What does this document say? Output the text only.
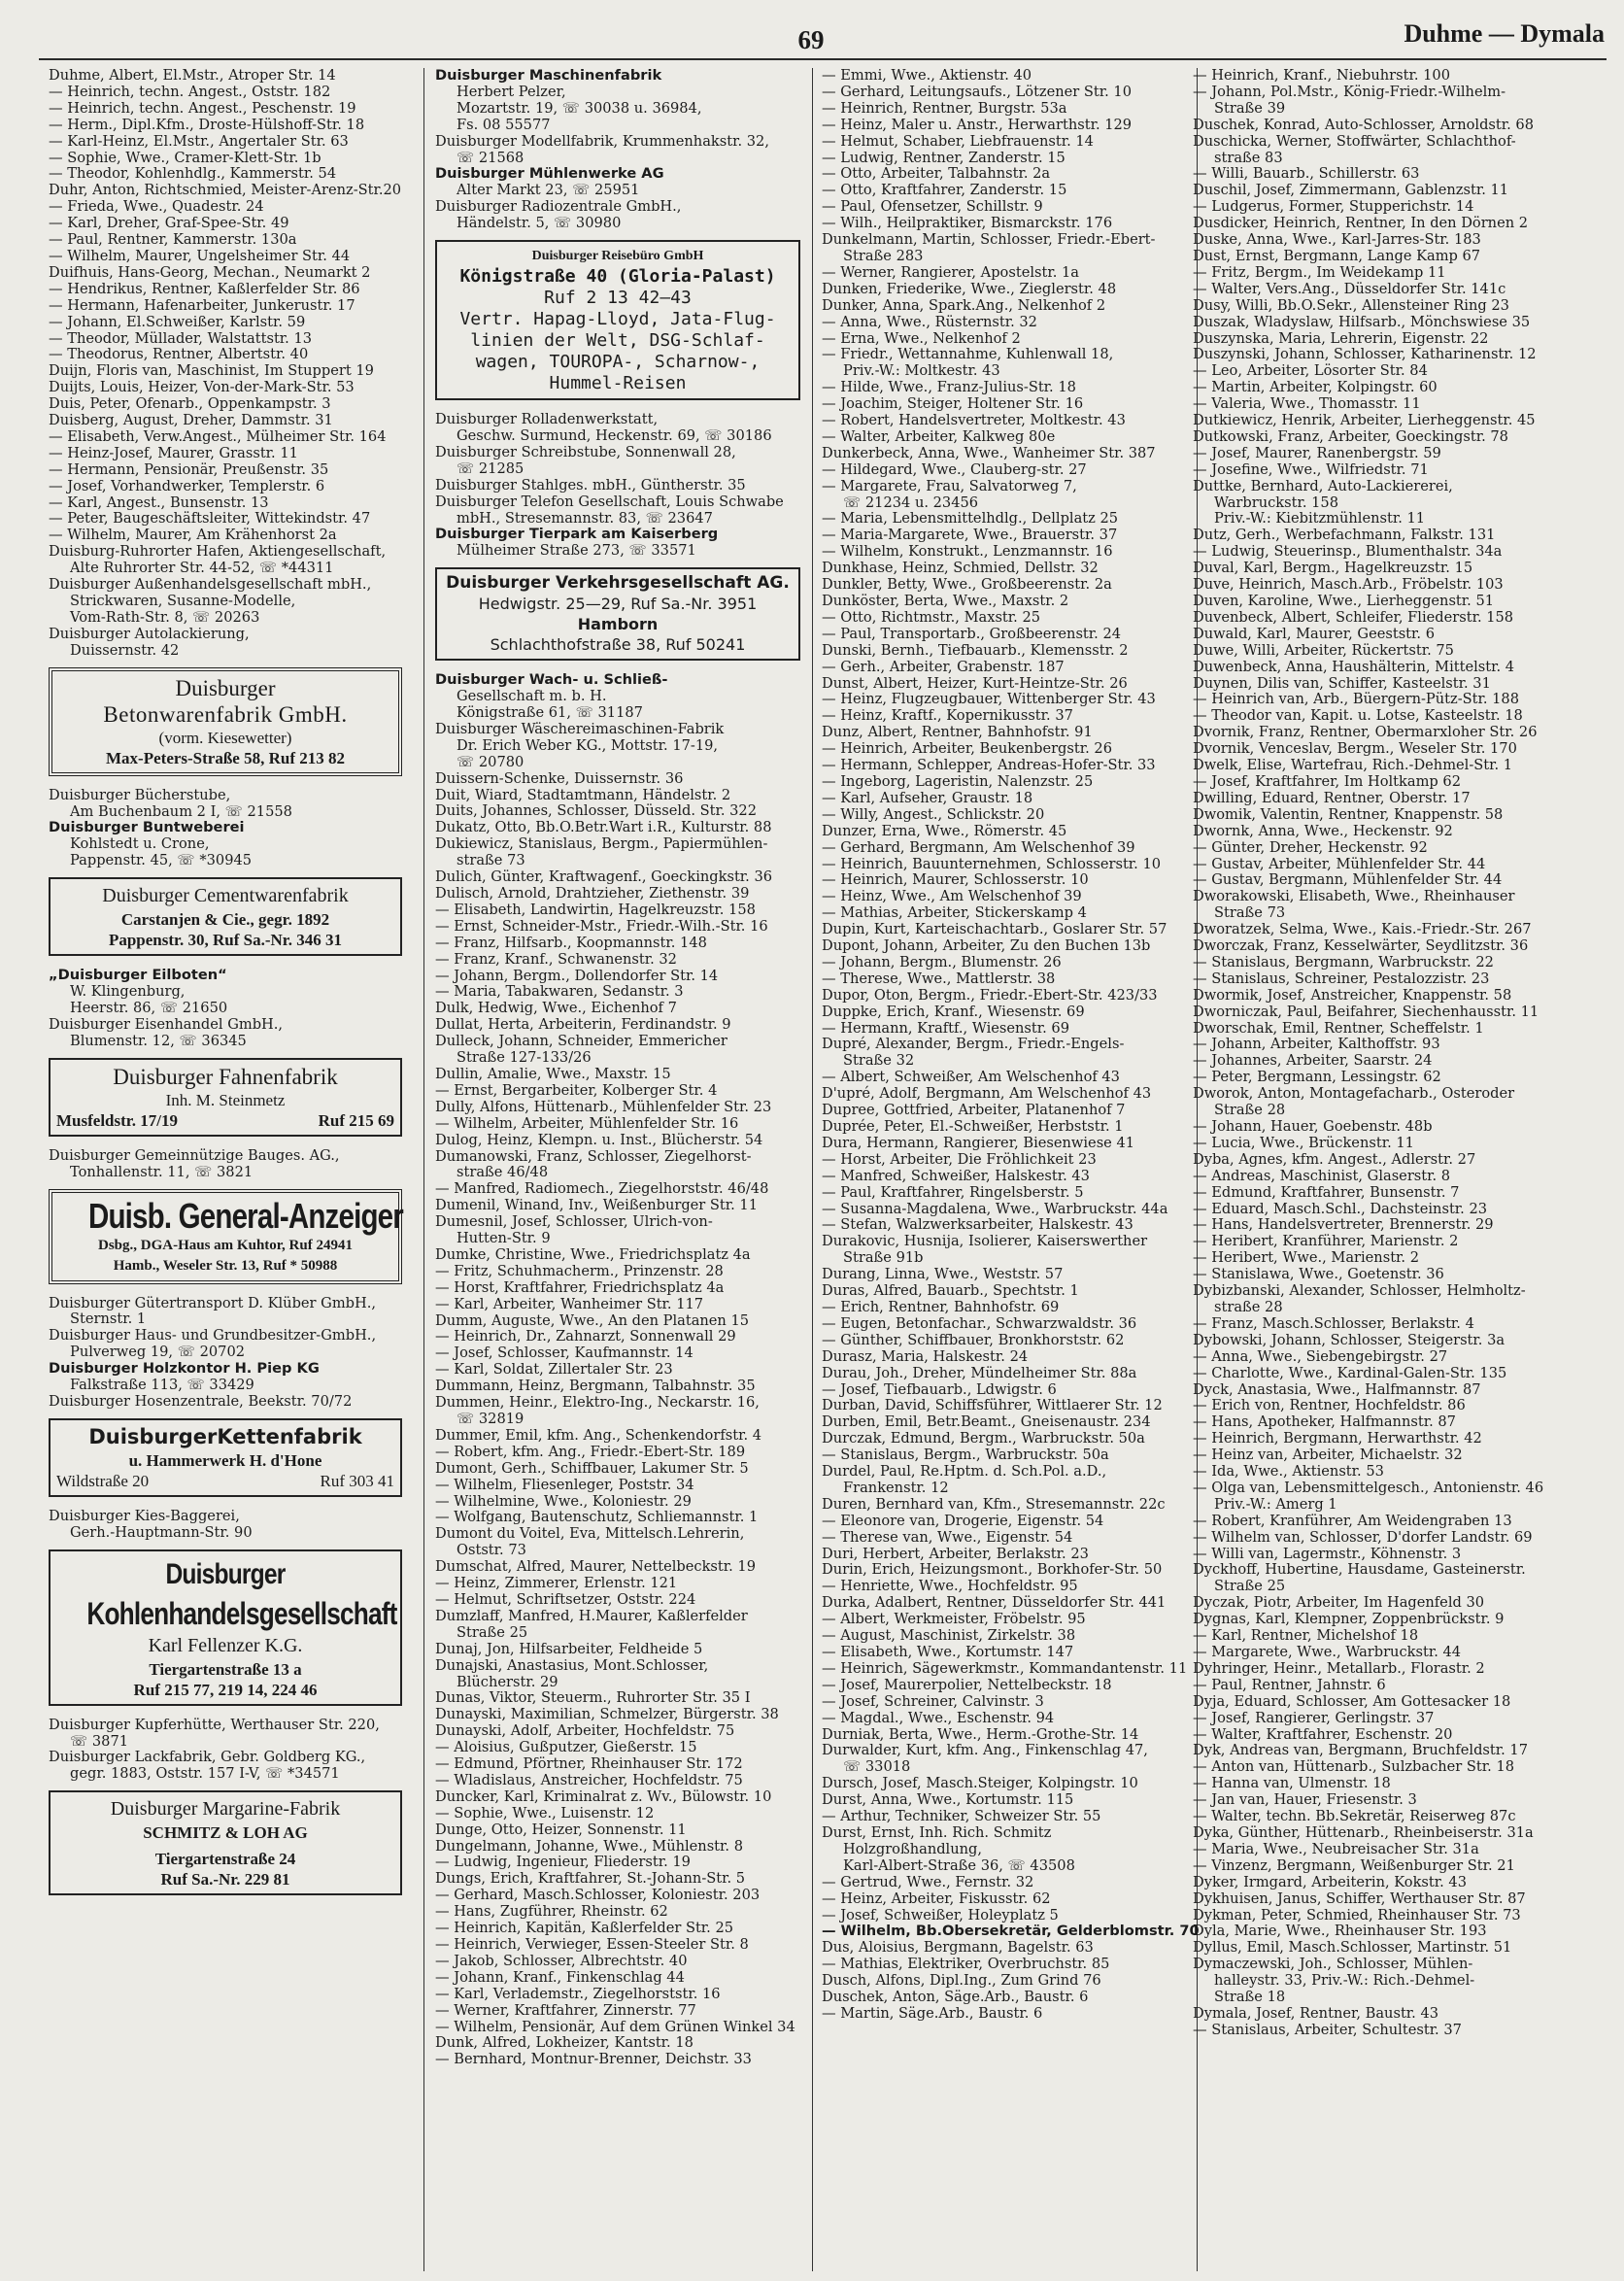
69	Duhme — Dymala
Duhme, Albert, El.Mstr., Atroper Str. 14
— Heinrich, techn. Angest., Oststr. 182
— Heinrich, techn. Angest., Peschenstr. 19
— Herm., Dipl.Kfm., Droste-Hülshoff-Str. 18
— Karl-Heinz, El.Mstr., Angertaler Str. 63
— Sophie, Wwe., Cramer-Klett-Str. 1b
— Theodor, Kohlenhdlg., Kammerstr. 54
Duhr, Anton, Richtschmied, Meister-Arenz-Str.20
— Frieda, Wwe., Quadestr. 24
— Karl, Dreher, Graf-Spee-Str. 49
— Paul, Rentner, Kammerstr. 130a
— Wilhelm, Maurer, Ungelsheimer Str. 44
Duifhuis, Hans-Georg, Mechan., Neumarkt 2
— Hendrikus, Rentner, Kaßlerfelder Str. 86
— Hermann, Hafenarbeiter, Junkerustr. 17
— Johann, El.Schweißer, Karlstr. 59
— Theodor, Müllader, Walstattstr. 13
— Theodorus, Rentner, Albertstr. 40
Duijn, Floris van, Maschinist, Im Stuppert 19
Duijts, Louis, Heizer, Von-der-Mark-Str. 53
Duis, Peter, Ofenarb., Oppenkampstr. 3
Duisberg, August, Dreher, Dammstr. 31
— Elisabeth, Verw.Angest., Mülheimer Str. 164
— Heinz-Josef, Maurer, Grasstr. 11
— Hermann, Pensionär, Preußenstr. 35
— Josef, Vorhandwerker, Templerstr. 6
— Karl, Angest., Bunsenstr. 13
— Peter, Baugeschäftsleiter, Wittekindstr. 47
— Wilhelm, Maurer, Am Krähenhorst 2a
Duisburg-Ruhrorter Hafen, Aktiengesellschaft,
Alte Ruhrorter Str. 44-52, ☏ *44311
Duisburger Außenhandelsgesellschaft mbH.,
Strickwaren, Susanne-Modelle,
Vom-Rath-Str. 8, ☏ 20263
Duisburger Autolackierung,
Duissernstr. 42
Duisburger
Betonwarenfabrik GmbH.
(vorm. Kiesewetter)
Max-Peters-Straße 58, Ruf 213 82
Duisburger Bücherstube,
Am Buchenbaum 2 I, ☏ 21558
Duisburger Buntweberei
Kohlstedt u. Crone,
Pappenstr. 45, ☏ *30945
Duisburger Cementwarenfabrik
Carstanjen & Cie., gegr. 1892
Pappenstr. 30, Ruf Sa.-Nr. 346 31
„Duisburger Eilboten“
W. Klingenburg,
Heerstr. 86, ☏ 21650
Duisburger Eisenhandel GmbH.,
Blumenstr. 12, ☏ 36345
Duisburger Fahnenfabrik
Inh. M. Steinmetz
Musfeldstr. 17/19	Ruf 215 69
Duisburger Gemeinnützige Bauges. AG.,
Tonhallenstr. 11, ☏ 3821
Duisb. General-Anzeiger
Dsbg., DGA-Haus am Kuhtor, Ruf 24941
Hamb., Weseler Str. 13, Ruf * 50988
Duisburger Gütertransport D. Klüber GmbH.,
Sternstr. 1
Duisburger Haus- und Grundbesitzer-GmbH.,
Pulverweg 19, ☏ 20702
Duisburger Holzkontor H. Piep KG
Falkstraße 113, ☏ 33429
Duisburger Hosenzentrale, Beekstr. 70/72
DuisburgerKettenfabrik
u. Hammerwerk H. d'Hone
Wildstraße 20	Ruf 303 41
Duisburger Kies-Baggerei,
Gerh.-Hauptmann-Str. 90
Duisburger
Kohlenhandelsgesellschaft
Karl Fellenzer K.G.
Tiergartenstraße 13 a
Ruf 215 77, 219 14, 224 46
Duisburger Kupferhütte, Werthauser Str. 220,
☏ 3871
Duisburger Lackfabrik, Gebr. Goldberg KG.,
gegr. 1883, Oststr. 157 I-V, ☏ *34571
Duisburger Margarine-Fabrik
SCHMITZ & LOH AG
Tiergartenstraße 24
Ruf Sa.-Nr. 229 81
Duisburger Maschinenfabrik
Herbert Pelzer,
Mozartstr. 19, ☏ 30038 u. 36984,
Fs. 08 55577
Duisburger Modellfabrik, Krummenhakstr. 32,
☏ 21568
Duisburger Mühlenwerke AG
Alter Markt 23, ☏ 25951
Duisburger Radiozentrale GmbH.,
Händelstr. 5, ☏ 30980
Duisburger Reisebüro GmbH
Königstraße 40 (Gloria-Palast)
Ruf 2 13 42—43
Vertr. Hapag-Lloyd, Jata-Flug-
linien der Welt, DSG-Schlaf-
wagen, TOUROPA-, Scharnow-,
Hummel-Reisen
Duisburger Rolladenwerkstatt,
Geschw. Surmund, Heckenstr. 69, ☏ 30186
Duisburger Schreibstube, Sonnenwall 28,
☏ 21285
Duisburger Stahlges. mbH., Güntherstr. 35
Duisburger Telefon Gesellschaft, Louis Schwabe
mbH., Stresemannstr. 83, ☏ 23647
Duisburger Tierpark am Kaiserberg
Mülheimer Straße 273, ☏ 33571
Duisburger Verkehrsgesellschaft AG.
Hedwigstr. 25—29, Ruf Sa.-Nr. 3951
Hamborn
Schlachthofstraße 38, Ruf 50241
Duisburger Wach- u. Schließ-
Gesellschaft m. b. H.
Königstraße 61, ☏ 31187
Duisburger Wäschereimaschinen-Fabrik
Dr. Erich Weber KG., Mottstr. 17-19,
☏ 20780
Duissern-Schenke, Duissernstr. 36
Duit, Wiard, Stadtamtmann, Händelstr. 2
Duits, Johannes, Schlosser, Düsseld. Str. 322
Dukatz, Otto, Bb.O.Betr.Wart i.R., Kulturstr. 88
Dukiewicz, Stanislaus, Bergm., Papiermühlen-
straße 73
Dulich, Günter, Kraftwagenf., Goeckingkstr. 36
Dulisch, Arnold, Drahtzieher, Ziethenstr. 39
— Elisabeth, Landwirtin, Hagelkreuzstr. 158
— Ernst, Schneider-Mstr., Friedr.-Wilh.-Str. 16
— Franz, Hilfsarb., Koopmannstr. 148
— Franz, Kranf., Schwanenstr. 32
— Johann, Bergm., Dollendorfer Str. 14
— Maria, Tabakwaren, Sedanstr. 3
Dulk, Hedwig, Wwe., Eichenhof 7
Dullat, Herta, Arbeiterin, Ferdinandstr. 9
Dulleck, Johann, Schneider, Emmericher
Straße 127-133/26
Dullin, Amalie, Wwe., Maxstr. 15
— Ernst, Bergarbeiter, Kolberger Str. 4
Dully, Alfons, Hüttenarb., Mühlenfelder Str. 23
— Wilhelm, Arbeiter, Mühlenfelder Str. 16
Dulog, Heinz, Klempn. u. Inst., Blücherstr. 54
Dumanowski, Franz, Schlosser, Ziegelhorst-
straße 46/48
— Manfred, Radiomech., Ziegelhorststr. 46/48
Dumenil, Winand, Inv., Weißenburger Str. 11
Dumesnil, Josef, Schlosser, Ulrich-von-
Hutten-Str. 9
Dumke, Christine, Wwe., Friedrichsplatz 4a
— Fritz, Schuhmacherm., Prinzenstr. 28
— Horst, Kraftfahrer, Friedrichsplatz 4a
— Karl, Arbeiter, Wanheimer Str. 117
Dumm, Auguste, Wwe., An den Platanen 15
— Heinrich, Dr., Zahnarzt, Sonnenwall 29
— Josef, Schlosser, Kaufmannstr. 14
— Karl, Soldat, Zillertaler Str. 23
Dummann, Heinz, Bergmann, Talbahnstr. 35
Dummen, Heinr., Elektro-Ing., Neckarstr. 16,
☏ 32819
Dummer, Emil, kfm. Ang., Schenkendorfstr. 4
— Robert, kfm. Ang., Friedr.-Ebert-Str. 189
Dumont, Gerh., Schiffbauer, Lakumer Str. 5
— Wilhelm, Fliesenleger, Poststr. 34
— Wilhelmine, Wwe., Koloniestr. 29
— Wolfgang, Bautenschutz, Schliemannstr. 1
Dumont du Voitel, Eva, Mittelsch.Lehrerin,
Oststr. 73
Dumschat, Alfred, Maurer, Nettelbeckstr. 19
— Heinz, Zimmerer, Erlenstr. 121
— Helmut, Schriftsetzer, Oststr. 224
Dumzlaff, Manfred, H.Maurer, Kaßlerfelder
Straße 25
Dunaj, Jon, Hilfsarbeiter, Feldheide 5
Dunajski, Anastasius, Mont.Schlosser,
Blücherstr. 29
Dunas, Viktor, Steuerm., Ruhrorter Str. 35 I
Dunayski, Maximilian, Schmelzer, Bürgerstr. 38
Dunayski, Adolf, Arbeiter, Hochfeldstr. 75
— Aloisius, Gußputzer, Gießerstr. 15
— Edmund, Pförtner, Rheinhauser Str. 172
— Wladislaus, Anstreicher, Hochfeldstr. 75
Duncker, Karl, Kriminalrat z. Wv., Bülowstr. 10
— Sophie, Wwe., Luisenstr. 12
Dunge, Otto, Heizer, Sonnenstr. 11
Dungelmann, Johanne, Wwe., Mühlenstr. 8
— Ludwig, Ingenieur, Fliederstr. 19
Dungs, Erich, Kraftfahrer, St.-Johann-Str. 5
— Gerhard, Masch.Schlosser, Koloniestr. 203
— Hans, Zugführer, Rheinstr. 62
— Heinrich, Kapitän, Kaßlerfelder Str. 25
— Heinrich, Verwieger, Essen-Steeler Str. 8
— Jakob, Schlosser, Albrechtstr. 40
— Johann, Kranf., Finkenschlag 44
— Karl, Verlademstr., Ziegelhorststr. 16
— Werner, Kraftfahrer, Zinnerstr. 77
— Wilhelm, Pensionär, Auf dem Grünen Winkel 34
Dunk, Alfred, Lokheizer, Kantstr. 18
— Bernhard, Montnur-Brenner, Deichstr. 33
— Emmi, Wwe., Aktienstr. 40
— Gerhard, Leitungsaufs., Lötzener Str. 10
— Heinrich, Rentner, Burgstr. 53a
— Heinz, Maler u. Anstr., Herwarthstr. 129
— Helmut, Schaber, Liebfrauenstr. 14
— Ludwig, Rentner, Zanderstr. 15
— Otto, Arbeiter, Talbahnstr. 2a
— Otto, Kraftfahrer, Zanderstr. 15
— Paul, Ofensetzer, Schillstr. 9
— Wilh., Heilpraktiker, Bismarckstr. 176
Dunkelmann, Martin, Schlosser, Friedr.-Ebert-
Straße 283
— Werner, Rangierer, Apostelstr. 1a
Dunken, Friederike, Wwe., Zieglerstr. 48
Dunker, Anna, Spark.Ang., Nelkenhof 2
— Anna, Wwe., Rüsternstr. 32
— Erna, Wwe., Nelkenhof 2
— Friedr., Wettannahme, Kuhlenwall 18,
Priv.-W.: Moltkestr. 43
— Hilde, Wwe., Franz-Julius-Str. 18
— Joachim, Steiger, Holtener Str. 16
— Robert, Handelsvertreter, Moltkestr. 43
— Walter, Arbeiter, Kalkweg 80e
Dunkerbeck, Anna, Wwe., Wanheimer Str. 387
— Hildegard, Wwe., Clauberg-str. 27
— Margarete, Frau, Salvatorweg 7,
☏ 21234 u. 23456
— Maria, Lebensmittelhdlg., Dellplatz 25
— Maria-Margarete, Wwe., Brauerstr. 37
— Wilhelm, Konstrukt., Lenzmannstr. 16
Dunkhase, Heinz, Schmied, Dellstr. 32
Dunkler, Betty, Wwe., Großbeerenstr. 2a
Dunköster, Berta, Wwe., Maxstr. 2
— Otto, Richtmstr., Maxstr. 25
— Paul, Transportarb., Großbeerenstr. 24
Dunski, Bernh., Tiefbauarb., Klemensstr. 2
— Gerh., Arbeiter, Grabenstr. 187
Dunst, Albert, Heizer, Kurt-Heintze-Str. 26
— Heinz, Flugzeugbauer, Wittenberger Str. 43
— Heinz, Kraftf., Kopernikusstr. 37
Dunz, Albert, Rentner, Bahnhofstr. 91
— Heinrich, Arbeiter, Beukenbergstr. 26
— Hermann, Schlepper, Andreas-Hofer-Str. 33
— Ingeborg, Lageristin, Nalenzstr. 25
— Karl, Aufseher, Graustr. 18
— Willy, Angest., Schlickstr. 20
Dunzer, Erna, Wwe., Römerstr. 45
— Gerhard, Bergmann, Am Welschenhof 39
— Heinrich, Bauunternehmen, Schlosserstr. 10
— Heinrich, Maurer, Schlosserstr. 10
— Heinz, Wwe., Am Welschenhof 39
— Mathias, Arbeiter, Stickerskamp 4
Dupin, Kurt, Karteischachtarb., Goslarer Str. 57
Dupont, Johann, Arbeiter, Zu den Buchen 13b
— Johann, Bergm., Blumenstr. 26
— Therese, Wwe., Mattlerstr. 38
Dupor, Oton, Bergm., Friedr.-Ebert-Str. 423/33
Duppke, Erich, Kranf., Wiesenstr. 69
— Hermann, Kraftf., Wiesenstr. 69
Dupré, Alexander, Bergm., Friedr.-Engels-
Straße 32
— Albert, Schweißer, Am Welschenhof 43
D'upré, Adolf, Bergmann, Am Welschenhof 43
Dupree, Gottfried, Arbeiter, Platanenhof 7
Duprée, Peter, El.-Schweißer, Herbststr. 1
Dura, Hermann, Rangierer, Biesenwiese 41
— Horst, Arbeiter, Die Fröhlichkeit 23
— Manfred, Schweißer, Halskestr. 43
— Paul, Kraftfahrer, Ringelsberstr. 5
— Susanna-Magdalena, Wwe., Warbruckstr. 44a
— Stefan, Walzwerksarbeiter, Halskestr. 43
Durakovic, Husnija, Isolierer, Kaiserswerther
Straße 91b
Durang, Linna, Wwe., Weststr. 57
Duras, Alfred, Bauarb., Spechtstr. 1
— Erich, Rentner, Bahnhofstr. 69
— Eugen, Betonfachar., Schwarzwaldstr. 36
— Günther, Schiffbauer, Bronkhorststr. 62
Durasz, Maria, Halskestr. 24
Durau, Joh., Dreher, Mündelheimer Str. 88a
— Josef, Tiefbauarb., Ldwigstr. 6
Durban, David, Schiffsführer, Wittlaerer Str. 12
Durben, Emil, Betr.Beamt., Gneisenaustr. 234
Durczak, Edmund, Bergm., Warbruckstr. 50a
— Stanislaus, Bergm., Warbruckstr. 50a
Durdel, Paul, Re.Hptm. d. Sch.Pol. a.D.,
Frankenstr. 12
Duren, Bernhard van, Kfm., Stresemannstr. 22c
— Eleonore van, Drogerie, Eigenstr. 54
— Therese van, Wwe., Eigenstr. 54
Duri, Herbert, Arbeiter, Berlakstr. 23
Durin, Erich, Heizungsmont., Borkhofer-Str. 50
— Henriette, Wwe., Hochfeldstr. 95
Durka, Adalbert, Rentner, Düsseldorfer Str. 441
— Albert, Werkmeister, Fröbelstr. 95
— August, Maschinist, Zirkelstr. 38
— Elisabeth, Wwe., Kortumstr. 147
— Heinrich, Sägewerkmstr., Kommandantenstr. 11
— Josef, Maurerpolier, Nettelbeckstr. 18
— Josef, Schreiner, Calvinstr. 3
— Magdal., Wwe., Eschenstr. 94
Durniak, Berta, Wwe., Herm.-Grothe-Str. 14
Durwalder, Kurt, kfm. Ang., Finkenschlag 47,
☏ 33018
Dursch, Josef, Masch.Steiger, Kolpingstr. 10
Durst, Anna, Wwe., Kortumstr. 115
— Arthur, Techniker, Schweizer Str. 55
Durst, Ernst, Inh. Rich. Schmitz
Holzgroßhandlung,
Karl-Albert-Straße 36, ☏ 43508
— Gertrud, Wwe., Fernstr. 32
— Heinz, Arbeiter, Fiskusstr. 62
— Josef, Schweißer, Holeyplatz 5
— Wilhelm, Bb.Obersekretär, Gelderblomstr. 70
Dus, Aloisius, Bergmann, Bagelstr. 63
— Mathias, Elektriker, Overbruchstr. 85
Dusch, Alfons, Dipl.Ing., Zum Grind 76
Duschek, Anton, Säge.Arb., Baustr. 6
— Martin, Säge.Arb., Baustr. 6
— Heinrich, Kranf., Niebuhrstr. 100
— Johann, Pol.Mstr., König-Friedr.-Wilhelm-
Straße 39
Duschek, Konrad, Auto-Schlosser, Arnoldstr. 68
Duschicka, Werner, Stoffwärter, Schlachthof-
straße 83
— Willi, Bauarb., Schillerstr. 63
Duschil, Josef, Zimmermann, Gablenzstr. 11
— Ludgerus, Former, Stupperichstr. 14
Dusdicker, Heinrich, Rentner, In den Dörnen 2
Duske, Anna, Wwe., Karl-Jarres-Str. 183
Dust, Ernst, Bergmann, Lange Kamp 67
— Fritz, Bergm., Im Weidekamp 11
— Walter, Vers.Ang., Düsseldorfer Str. 141c
Dusy, Willi, Bb.O.Sekr., Allensteiner Ring 23
Duszak, Wladyslaw, Hilfsarb., Mönchswiese 35
Duszynska, Maria, Lehrerin, Eigenstr. 22
Duszynski, Johann, Schlosser, Katharinenstr. 12
— Leo, Arbeiter, Lösorter Str. 84
— Martin, Arbeiter, Kolpingstr. 60
— Valeria, Wwe., Thomasstr. 11
Dutkiewicz, Henrik, Arbeiter, Lierheggenstr. 45
Dutkowski, Franz, Arbeiter, Goeckingstr. 78
— Josef, Maurer, Ranenbergstr. 59
— Josefine, Wwe., Wilfriedstr. 71
Duttke, Bernhard, Auto-Lackiererei,
Warbruckstr. 158
Priv.-W.: Kiebitzmühlenstr. 11
Dutz, Gerh., Werbefachmann, Falkstr. 131
— Ludwig, Steuerinsp., Blumenthalstr. 34a
Duval, Karl, Bergm., Hagelkreuzstr. 15
Duve, Heinrich, Masch.Arb., Fröbelstr. 103
Duven, Karoline, Wwe., Lierheggenstr. 51
Duvenbeck, Albert, Schleifer, Fliederstr. 158
Duwald, Karl, Maurer, Geeststr. 6
Duwe, Willi, Arbeiter, Rückertstr. 75
Duwenbeck, Anna, Haushälterin, Mittelstr. 4
Duynen, Dilis van, Schiffer, Kasteelstr. 31
— Heinrich van, Arb., Büergern-Pütz-Str. 188
— Theodor van, Kapit. u. Lotse, Kasteelstr. 18
Dvornik, Franz, Rentner, Obermarxloher Str. 26
Dvornik, Venceslav, Bergm., Weseler Str. 170
Dwelk, Elise, Wartefrau, Rich.-Dehmel-Str. 1
— Josef, Kraftfahrer, Im Holtkamp 62
Dwilling, Eduard, Rentner, Oberstr. 17
Dwomik, Valentin, Rentner, Knappenstr. 58
Dwornk, Anna, Wwe., Heckenstr. 92
— Günter, Dreher, Heckenstr. 92
— Gustav, Arbeiter, Mühlenfelder Str. 44
— Gustav, Bergmann, Mühlenfelder Str. 44
Dworakowski, Elisabeth, Wwe., Rheinhauser
Straße 73
Dworatzek, Selma, Wwe., Kais.-Friedr.-Str. 267
Dworczak, Franz, Kesselwärter, Seydlitzstr. 36
— Stanislaus, Bergmann, Warbruckstr. 22
— Stanislaus, Schreiner, Pestalozzistr. 23
Dwormik, Josef, Anstreicher, Knappenstr. 58
Dworniczak, Paul, Beifahrer, Siechenhausstr. 11
Dworschak, Emil, Rentner, Scheffelstr. 1
— Johann, Arbeiter, Kalthoffstr. 93
— Johannes, Arbeiter, Saarstr. 24
— Peter, Bergmann, Lessingstr. 62
Dworok, Anton, Montagefacharb., Osteroder
Straße 28
— Johann, Hauer, Goebenstr. 48b
— Lucia, Wwe., Brückenstr. 11
Dyba, Agnes, kfm. Angest., Adlerstr. 27
— Andreas, Maschinist, Glaserstr. 8
— Edmund, Kraftfahrer, Bunsenstr. 7
— Eduard, Masch.Schl., Dachsteinstr. 23
— Hans, Handelsvertreter, Brennerstr. 29
— Heribert, Kranführer, Marienstr. 2
— Heribert, Wwe., Marienstr. 2
— Stanislawa, Wwe., Goetenstr. 36
Dybizbanski, Alexander, Schlosser, Helmholtz-
straße 28
— Franz, Masch.Schlosser, Berlakstr. 4
Dybowski, Johann, Schlosser, Steigerstr. 3a
— Anna, Wwe., Siebengebirgstr. 27
— Charlotte, Wwe., Kardinal-Galen-Str. 135
Dyck, Anastasia, Wwe., Halfmannstr. 87
— Erich von, Rentner, Hochfeldstr. 86
— Hans, Apotheker, Halfmannstr. 87
— Heinrich, Bergmann, Herwarthstr. 42
— Heinz van, Arbeiter, Michaelstr. 32
— Ida, Wwe., Aktienstr. 53
— Olga van, Lebensmittelgesch., Antonienstr. 46
Priv.-W.: Amerg 1
— Robert, Kranführer, Am Weidengraben 13
— Wilhelm van, Schlosser, D'dorfer Landstr. 69
— Willi van, Lagermstr., Köhnenstr. 3
Dyckhoff, Hubertine, Hausdame, Gasteinerstr.
Straße 25
Dyczak, Piotr, Arbeiter, Im Hagenfeld 30
Dygnas, Karl, Klempner, Zoppenbrückstr. 9
— Karl, Rentner, Michelshof 18
— Margarete, Wwe., Warbruckstr. 44
Dyhringer, Heinr., Metallarb., Florastr. 2
— Paul, Rentner, Jahnstr. 6
Dyja, Eduard, Schlosser, Am Gottesacker 18
— Josef, Rangierer, Gerlingstr. 37
— Walter, Kraftfahrer, Eschenstr. 20
Dyk, Andreas van, Bergmann, Bruchfeldstr. 17
— Anton van, Hüttenarb., Sulzbacher Str. 18
— Hanna van, Ulmenstr. 18
— Jan van, Hauer, Friesenstr. 3
— Walter, techn. Bb.Sekretär, Reiserweg 87c
Dyka, Günther, Hüttenarb., Rheinbeiserstr. 31a
— Maria, Wwe., Neubreisacher Str. 31a
— Vinzenz, Bergmann, Weißenburger Str. 21
Dyker, Irmgard, Arbeiterin, Kokstr. 43
Dykhuisen, Janus, Schiffer, Werthauser Str. 87
Dykman, Peter, Schmied, Rheinhauser Str. 73
Dyla, Marie, Wwe., Rheinhauser Str. 193
Dyllus, Emil, Masch.Schlosser, Martinstr. 51
Dymaczewski, Joh., Schlosser, Mühlen-
halleystr. 33, Priv.-W.: Rich.-Dehmel-
Straße 18
Dymala, Josef, Rentner, Baustr. 43
— Stanislaus, Arbeiter, Schultestr. 37
